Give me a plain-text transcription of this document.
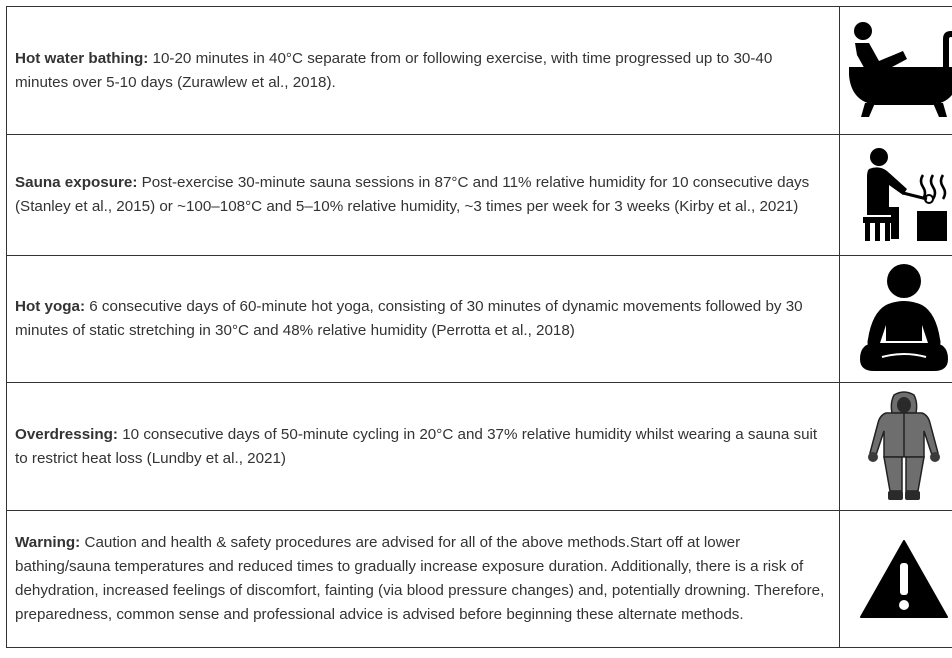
Hot water bathing: 10-20 minutes in 40°C separate from or following exercise, with time progressed up to 30-40 minutes over 5-10 days (Zurawlew et al., 2018).	
Sauna exposure: Post-exercise 30-minute sauna sessions in 87°C and 11% relative humidity for 10 consecutive days (Stanley et al., 2015) or ~100–108°C and 5–10% relative humidity, ~3 times per week for 3 weeks (Kirby et al., 2021)	
Hot yoga: 6 consecutive days of 60-minute hot yoga, consisting of 30 minutes of dynamic movements followed by 30 minutes of static stretching in 30°C and 48% relative humidity (Perrotta et al., 2018)	
Overdressing: 10 consecutive days of 50-minute cycling in 20°C and 37% relative humidity whilst wearing a sauna suit to restrict heat loss (Lundby et al., 2021)	
Warning: Caution and health & safety procedures are advised for all of the above methods.Start off at lower bathing/sauna temperatures and reduced times to gradually increase exposure duration. Additionally, there is a risk of dehydration, increased feelings of discomfort, fainting (via blood pressure changes) and, potentially drowning. Therefore, preparedness, common sense and professional advice is advised before beginning these alternate methods.	
